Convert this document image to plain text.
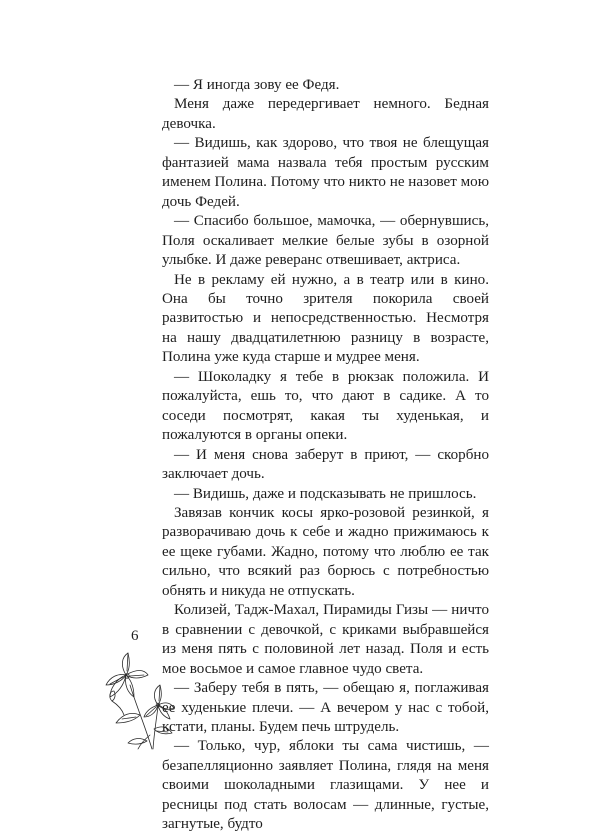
— Я иногда зову ее Федя.

Меня даже передергивает немного. Бедная девочка.

— Видишь, как здорово, что твоя не блещущая фантазией мама назвала тебя простым русским именем Полина. Потому что никто не назовет мою дочь Федей.

— Спасибо большое, мамочка, — обернувшись, Поля оскаливает мелкие белые зубы в озорной улыбке. И даже реверанс отвешивает, актриса.

Не в рекламу ей нужно, а в театр или в кино. Она бы точно зрителя покорила своей развитостью и непосредственностью. Несмотря на нашу двадцатилетнюю разницу в возрасте, Полина уже куда старше и мудрее меня.

— Шоколадку я тебе в рюкзак положила. И пожалуйста, ешь то, что дают в садике. А то соседи посмотрят, какая ты худенькая, и пожалуются в органы опеки.

— И меня снова заберут в приют, — скорбно заключает дочь.

— Видишь, даже и подсказывать не пришлось.

Завязав кончик косы ярко-розовой резинкой, я разворачиваю дочь к себе и жадно прижимаюсь к ее щеке губами. Жадно, потому что люблю ее так сильно, что всякий раз борюсь с потребностью обнять и никуда не отпускать.

Колизей, Тадж-Махал, Пирамиды Гизы — ничто в сравнении с девочкой, с криками выбравшейся из меня пять с половиной лет назад. Поля и есть мое восьмое и самое главное чудо света.

— Заберу тебя в пять, — обещаю я, поглаживая ее худенькие плечи. — А вечером у нас с тобой, кстати, планы. Будем печь штрудель.

— Только, чур, яблоки ты сама чистишь, — безапелляционно заявляет Полина, глядя на меня своими шоколадными глазищами. У нее и ресницы под стать волосам — длинные, густые, загнутые, будто

6
